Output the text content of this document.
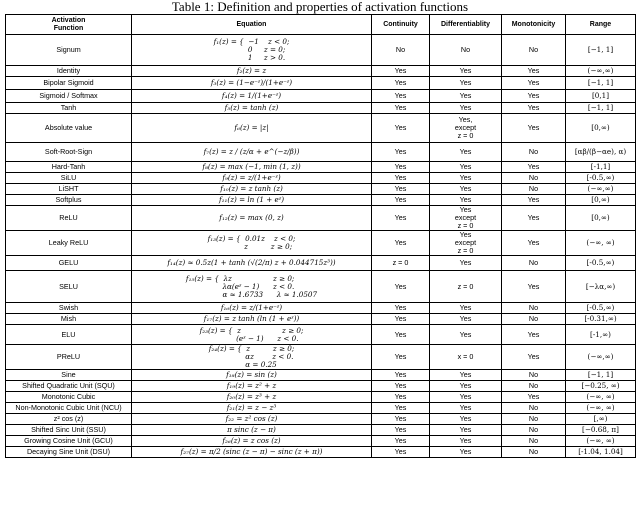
Table 1: Definition and properties of activation functions
Activation
Function	Equation	Continuity	Differentiablity	Monotonicity	Range
Signum	f₁(z) = {  −1    z < 0;
0     z = 0;
1     z > 0.	No	No	No	[−1, 1]
Identity	f₂(z) = z	Yes	Yes	Yes	(−∞,∞)
Bipolar Sigmoid	f₃(z) = (1−e⁻ᶻ)/(1+e⁻ᶻ)	Yes	Yes	Yes	[−1, 1]
Sigmoid / Softmax	f₄(z) = 1/(1+e⁻ᶻ)	Yes	Yes	Yes	[0,1]
Tanh	f₅(z) = tanh (z)	Yes	Yes	Yes	[−1, 1]
Absolute value	f₆(z) = |z|	Yes	Yes,
except
z = 0	Yes	[0,∞)
Soft-Root-Sign	f₇(z) = z / (z/α + e^(−z/β))	Yes	Yes	No	[αβ/(β−αe), α)
Hard-Tanh	f₈(z) = max (−1, min (1, z))	Yes	Yes	Yes	[-1,1]
SiLU	f₉(z) = z/(1+e⁻ᶻ)	Yes	Yes	No	[-0.5,∞)
LiSHT	f₁₀(z) = z tanh (z)	Yes	Yes	No	(−∞,∞)
Softplus	f₁₁(z) = ln (1 + eᶻ)	Yes	Yes	Yes	[0,∞)
ReLU	f₁₂(z) = max (0, z)	Yes	Yes
except
z = 0	Yes	[0,∞)
Leaky ReLU	f₁₃(z) = {  0.01z    z < 0;
z          z ≥ 0;	Yes	Yes
except
z = 0	Yes	(−∞, ∞)
GELU	f₁₄(z) ≈ 0.5z(1 + tanh (√(2/π) z + 0.044715z³))	z = 0	Yes	No	[-0.5,∞)
SELU	f₁₅(z) = {  λz                  z ≥ 0;
λα(eᶻ − 1)      z < 0.
α ≈ 1.6733      λ ≈ 1.0507	Yes	z = 0	Yes	[−λα,∞)
Swish	f₁₆(z) = z/(1+e⁻ᶻ)	Yes	Yes	No	[-0.5,∞)
Mish	f₁₇(z) = z tanh (ln (1 + eᶻ))	Yes	Yes	No	[-0.31,∞)
ELU	f₂₃(z) = {  z                  z ≥ 0;
(eᶻ − 1)      z < 0.	Yes	Yes	Yes	[-1,∞)
PReLU	f₂₄(z) = {  z          z ≥ 0;
αz        z < 0.
α = 0.25	Yes	x = 0	Yes	(−∞,∞)
Sine	f₁₈(z) = sin (z)	Yes	Yes	No	[−1, 1]
Shifted Quadratic Unit (SQU)	f₁₉(z) = z² + z	Yes	Yes	No	[−0.25, ∞)
Monotonic Cubic	f₂₀(z) = z³ + z	Yes	Yes	Yes	(−∞, ∞)
Non-Monotonic Cubic Unit (NCU)	f₂₁(z) = z − z³	Yes	Yes	No	(−∞, ∞)
z² cos (z)	f₂₂ = z² cos (z)	Yes	Yes	No	[,∞)
Shifted Sinc Unit (SSU)	π sinc (z − π)	Yes	Yes	No	[−0.68, π]
Growing Cosine Unit (GCU)	f₂₆(z) = z cos (z)	Yes	Yes	No	(−∞, ∞)
Decaying Sine Unit (DSU)	f₂₇(z) = π/2 (sinc (z − π) − sinc (z + π))	Yes	Yes	No	[-1.04, 1.04]
